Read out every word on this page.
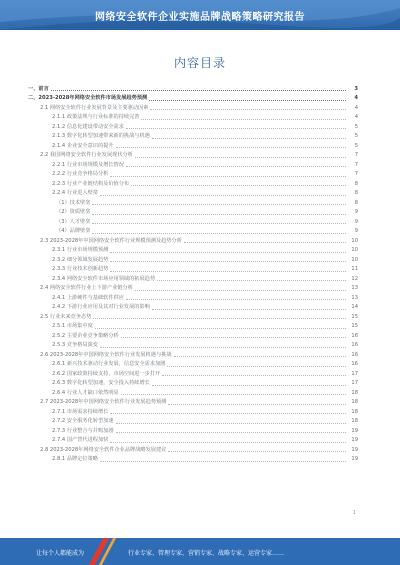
网络安全软件企业实施品牌战略策略研究报告
内容目录
一、前言	3
二、2023-2028年网络安全软件市场发展趋势预测	4
2.1 网络安全软件行业发展背景及主要驱动因素	4
2.1.1 政策法规与行业标准的持续完善	4
2.1.2 信息化建设带动安全需求	5
2.1.3 数字化转型加速带来新的挑战与机遇	5
2.1.4 企业安全意识的提升	5
2.2 我国网络安全软件行业发展现状分析	7
2.2.1 行业市场规模及增长情况	7
2.2.2 行业竞争格局分析	7
2.2.3 行业产业链结构及价值分布	8
2.2.4 行业进入壁垒	8
（1）技术壁垒	8
（2）资质壁垒	9
（3）人才壁垒	9
（4）品牌壁垒	9
2.3 2023-2028年中国网络安全软件行业规模预测及趋势分析	10
2.3.1 行业市场规模预测	10
2.3.2 细分领域发展趋势	10
2.3.3 行业技术创新趋势	11
2.3.4 网络安全软件市场应用领域的拓展趋势	12
2.4 网络安全软件行业上下游产业链分析	13
2.4.1 上游硬件与基础软件供应	13
2.4.2 下游行业应用及其对行业发展的影响	14
2.5 行业未来竞争态势	15
2.5.1 市场集中度	15
2.5.2 主要企业竞争策略分析	16
2.5.3 竞争格局演变	16
2.6 2023-2028年中国网络安全软件行业发展机遇与挑战	16
2.6.1 新兴技术驱动行业发展，信息安全需求加剧	16
2.6.2 国家政策持续支持，市场空间进一步打开	17
2.6.3 数字化转型加速，安全投入持续增长	17
2.6.4 行业人才缺口依然明显	18
2.7 2023-2028年中国网络安全软件行业发展趋势预测	18
2.7.1 市场需求持续增长	18
2.7.2 安全服务化转型加速	18
2.7.3 行业整合与并购加剧	19
2.7.4 国产替代进程加快	19
2.8 2023-2028年网络安全软件企业品牌战略发展建议	19
2.8.1 品牌定位策略	19
1
让每个人都能成为	行业专家、管理专家、营销专家、战略专家、运营专家……
